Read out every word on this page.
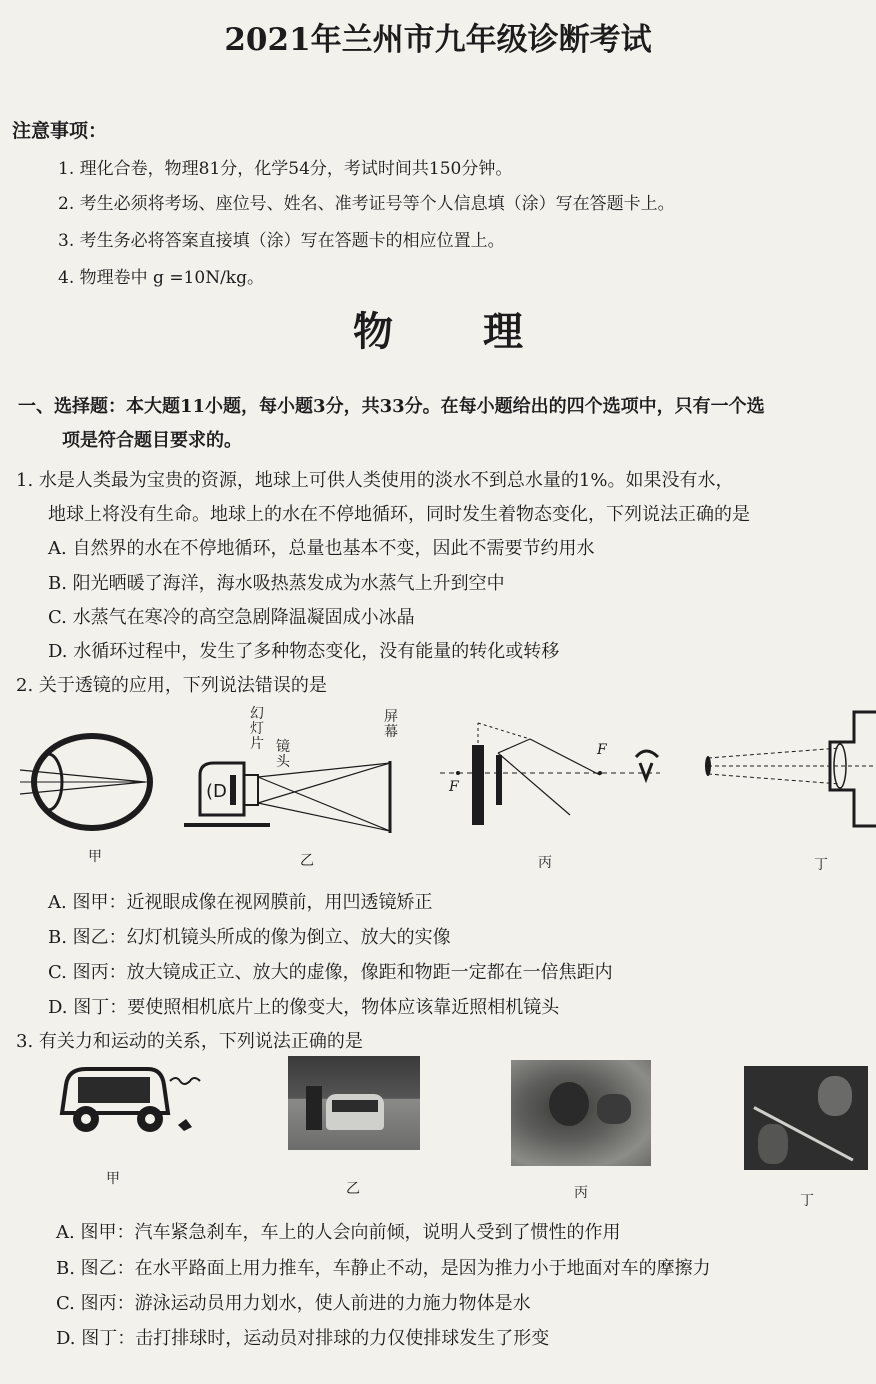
2021年兰州市九年级诊断考试
注意事项：
1. 理化合卷，物理81分，化学54分，考试时间共150分钟。
2. 考生必须将考场、座位号、姓名、准考证号等个人信息填（涂）写在答题卡上。
3. 考生务必将答案直接填（涂）写在答题卡的相应位置上。
4. 物理卷中 g =10N/kg。
物理
一、选择题：本大题11小题，每小题3分，共33分。在每小题给出的四个选项中，只有一个选
项是符合题目要求的。
1. 水是人类最为宝贵的资源，地球上可供人类使用的淡水不到总水量的1%。如果没有水，
地球上将没有生命。地球上的水在不停地循环，同时发生着物态变化，下列说法正确的是
A. 自然界的水在不停地循环，总量也基本不变，因此不需要节约用水
B. 阳光晒暖了海洋，海水吸热蒸发成为水蒸气上升到空中
C. 水蒸气在寒冷的高空急剧降温凝固成小冰晶
D. 水循环过程中，发生了多种物态变化，没有能量的转化或转移
2. 关于透镜的应用，下列说法错误的是
甲
(D
幻灯片 镜头
屏幕
乙
F
F
丙	丁
A. 图甲：近视眼成像在视网膜前，用凹透镜矫正
B. 图乙：幻灯机镜头所成的像为倒立、放大的实像
C. 图丙：放大镜成正立、放大的虚像，像距和物距一定都在一倍焦距内
D. 图丁：要使照相机底片上的像变大，物体应该靠近照相机镜头
3. 有关力和运动的关系，下列说法正确的是
甲
乙	丙	丁
A. 图甲：汽车紧急刹车，车上的人会向前倾，说明人受到了惯性的作用
B. 图乙：在水平路面上用力推车，车静止不动，是因为推力小于地面对车的摩擦力
C. 图丙：游泳运动员用力划水，使人前进的力施力物体是水
D. 图丁：击打排球时，运动员对排球的力仅使排球发生了形变
